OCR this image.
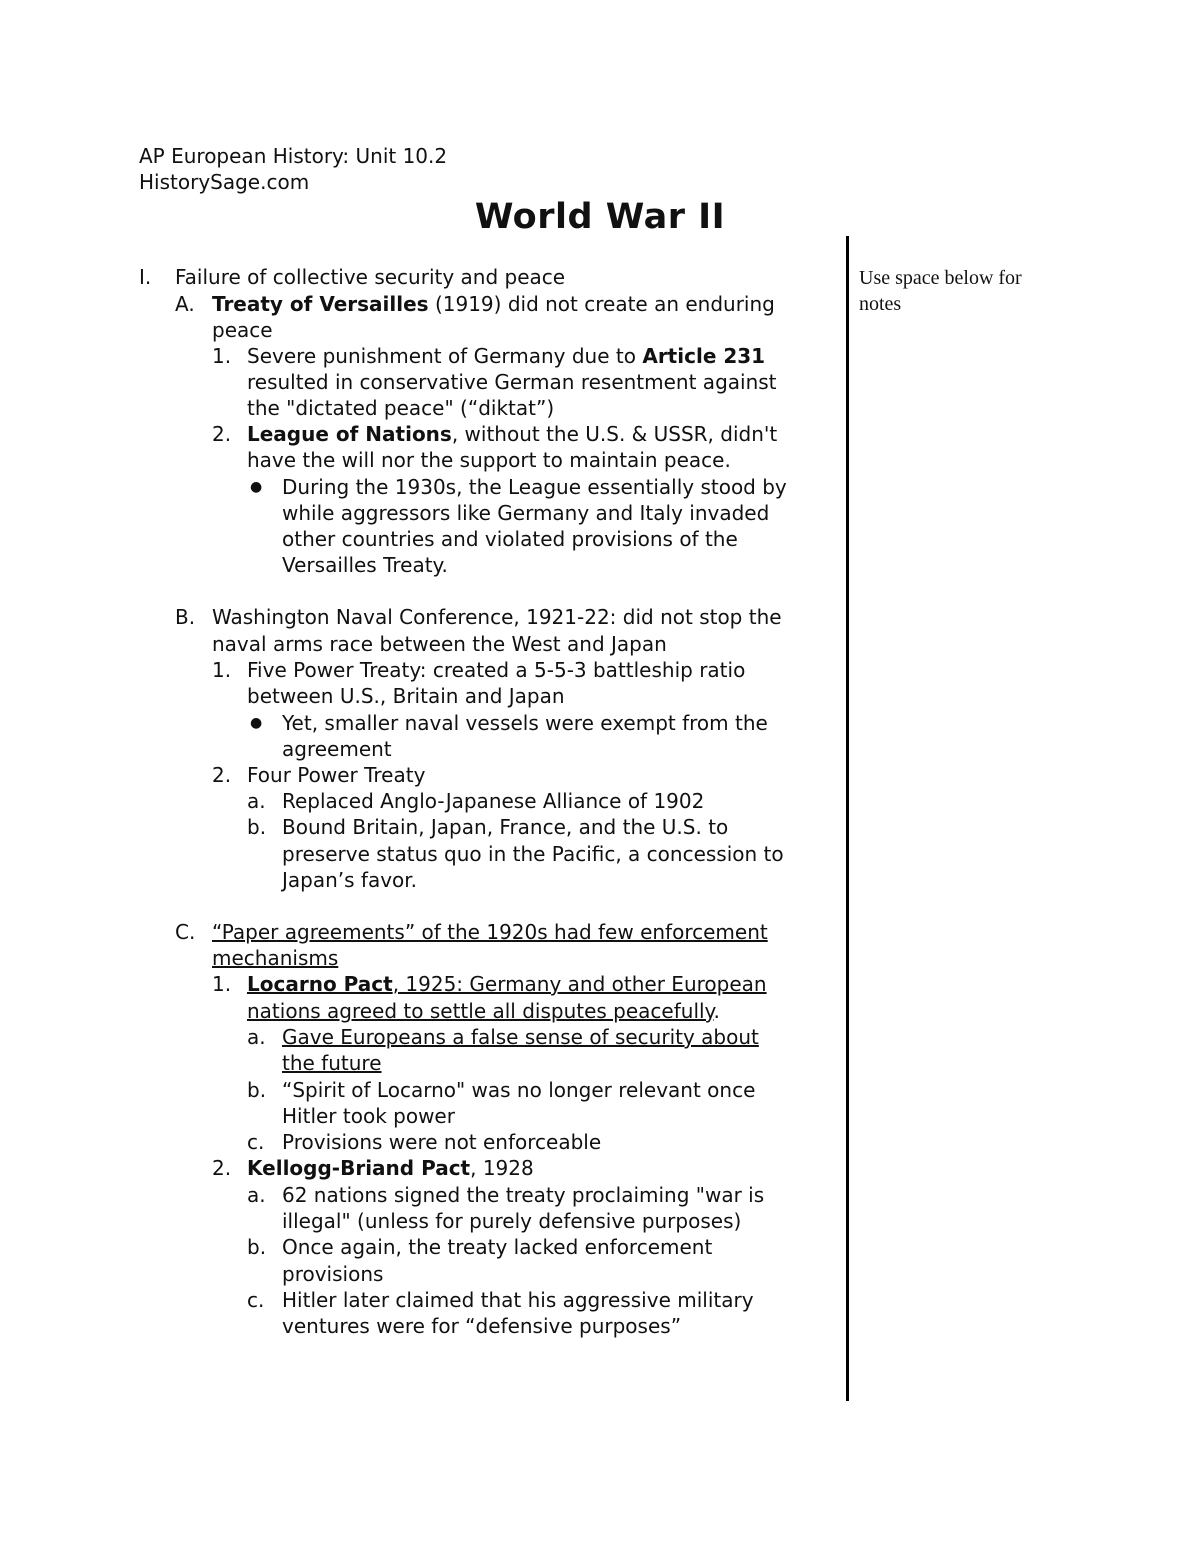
AP European History: Unit 10.2
HistorySage.com
World War II
Use space below for notes
I. Failure of collective security and peace
A. Treaty of Versailles (1919) did not create an enduring
peace
1. Severe punishment of Germany due to Article 231
resulted in conservative German resentment against
the "dictated peace" (“diktat”)
2. League of Nations, without the U.S. & USSR, didn't
have the will nor the support to maintain peace.
● During the 1930s, the League essentially stood by
while aggressors like Germany and Italy invaded
other countries and violated provisions of the
Versailles Treaty.
B. Washington Naval Conference, 1921-22: did not stop the
naval arms race between the West and Japan
1. Five Power Treaty: created a 5-5-3 battleship ratio
between U.S., Britain and Japan
● Yet, smaller naval vessels were exempt from the
agreement
2. Four Power Treaty
a. Replaced Anglo-Japanese Alliance of 1902
b. Bound Britain, Japan, France, and the U.S. to
preserve status quo in the Pacific, a concession to
Japan’s favor.
C. “Paper agreements” of the 1920s had few enforcement
mechanisms
1. Locarno Pact, 1925: Germany and other European
nations agreed to settle all disputes peacefully.
a. Gave Europeans a false sense of security about
the future
b. “Spirit of Locarno" was no longer relevant once
Hitler took power
c. Provisions were not enforceable
2. Kellogg-Briand Pact, 1928
a. 62 nations signed the treaty proclaiming "war is
illegal" (unless for purely defensive purposes)
b. Once again, the treaty lacked enforcement
provisions
c. Hitler later claimed that his aggressive military
ventures were for “defensive purposes”
